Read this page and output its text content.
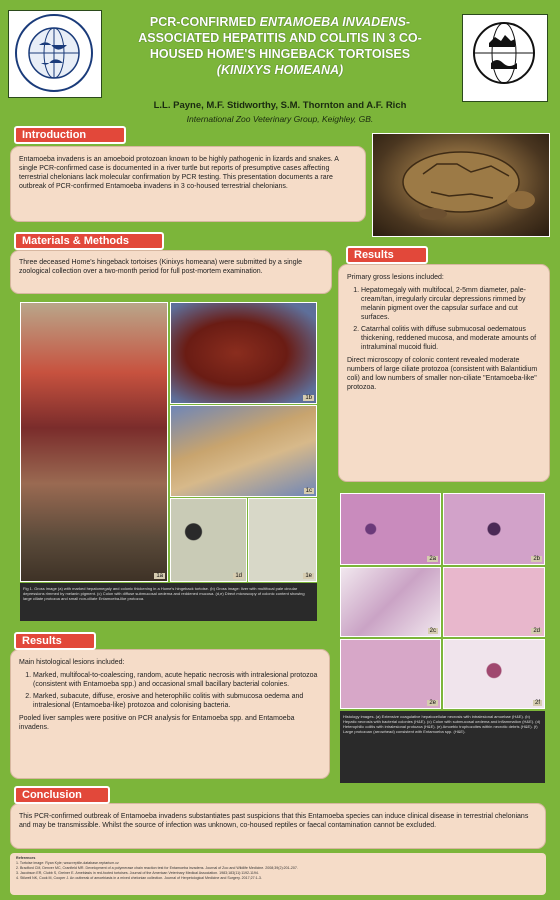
PCR-CONFIRMED ENTAMOEBA INVADENS-
ASSOCIATED HEPATITIS AND COLITIS IN 3 CO-
HOUSED HOME'S HINGEBACK TORTOISES
(KINIXYS HOMEANA)
L.L. Payne, M.F. Stidworthy, S.M. Thornton and A.F. Rich
International Zoo Veterinary Group, Keighley, GB.

Entamoeba invadens is an amoeboid protozoan known to be highly pathogenic in lizards and snakes. A single PCR-confirmed case is documented in a river turtle but reports of presumptive cases affecting terrestrial chelonians lack molecular confirmation by PCR testing. This presentation documents a rare outbreak of PCR-confirmed Entamoeba invadens in 3 co-housed terrestrial chelonians.

Introduction

Three deceased Home's hingeback tortoises (Kinixys homeana) were submitted by a single zoological collection over a two-month period for full post-mortem examination.

Materials & Methods

Primary gross lesions included:

1. Hepatomegaly with multifocal, 2-5mm diameter, pale-cream/tan, irregularly circular depressions rimmed by melanin pigment over the capsular surface and cut surfaces.
2. Catarrhal colitis with diffuse submucosal oedematous thickening, reddened mucosa, and moderate amounts of intraluminal mucoid fluid.

Direct microscopy of colonic content revealed moderate numbers of large ciliate protozoa (consistent with Balantidium coli) and low numbers of smaller non-ciliate "Entamoeba-like" protozoa.

Results
1a
1b
1c
1d	1e
Fig 1. Gross image (a) with marked hepatomegaly and colonic thickening in a Home's hingeback tortoise. (b) Gross image: liver with multifocal pale circular depressions rimmed by melanin pigment. (c) Colon with diffuse submucosal oedema and reddened mucosa. (d,e) Direct microscopy of colonic content showing large ciliate protozoa and small non-ciliate Entamoeba-like protozoa.
2a	2b
2c	2d
2e	2f
Histology images. (a) Extensive coagulative hepatocellular necrosis with intralesional amoebae (H&E). (b) Hepatic necrosis with bacterial colonies (H&E). (c) Colon with submucosal oedema and inflammation (H&E). (d) Heterophilic colitis with intralesional protozoa (H&E). (e) Amoebic trophozoites within necrotic debris (H&E). (f) Large protozoan (arrowhead) consistent with Entamoeba spp. (H&E).

Main histological lesions included:

1. Marked, multifocal-to-coalescing, random, acute hepatic necrosis with intralesional protozoa (consistent with Entamoeba spp.) and occasional small bacillary bacterial colonies.
2. Marked, subacute, diffuse, erosive and heterophilic colitis with submucosa oedema and intralesional (Entamoeba-like) protozoa and colonising bacteria.

Pooled liver samples were positive on PCR analysis for Entamoeba spp. and Entamoeba invadens.

Results

This PCR-confirmed outbreak of Entamoeba invadens substantiates past suspicions that this Entamoeba species can induce clinical disease in terrestrial chelonians and may be transmissible. Whilst the source of infection was unknown, co-housed reptiles or faecal contamination cannot be excluded.

Conclusion
References
1. Tortoise image: Ryan Kyle; www.reptile-database.reptarium.cz
2. Bradford CM, Denver MC, Cranfield MR. Development of a polymerase chain reaction test for Entamoeba invadens. Journal of Zoo and Wildlife Medicine. 2008;39(2):201-207.
3. Jacobson ER, Clubb S, Greiner E. Amebiasis in red-footed tortoises. Journal of the American Veterinary Medical Association. 1983;183(11):1192-1194.
4. Stilwell NK, Cook M, Cooper J. An outbreak of amoebiasis in a mixed chelonian collection. Journal of Herpetological Medicine and Surgery. 2017;27:1-3.
